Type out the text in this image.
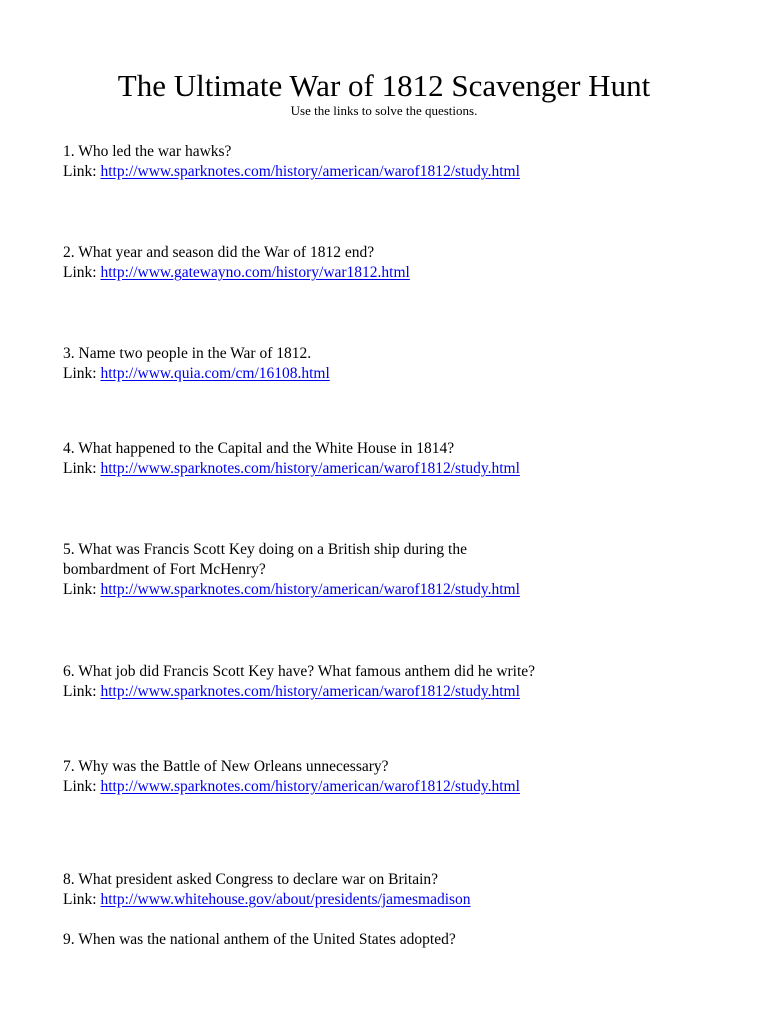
The Ultimate War of 1812 Scavenger Hunt
Use the links to solve the questions.
1. Who led the war hawks?
Link: http://www.sparknotes.com/history/american/warof1812/study.html
2. What year and season did the War of 1812 end?
Link: http://www.gatewayno.com/history/war1812.html
3. Name two people in the War of 1812.
Link: http://www.quia.com/cm/16108.html
4. What happened to the Capital and the White House in 1814?
Link: http://www.sparknotes.com/history/american/warof1812/study.html
5. What was Francis Scott Key doing on a British ship during the
bombardment of Fort McHenry?
Link: http://www.sparknotes.com/history/american/warof1812/study.html
6. What job did Francis Scott Key have? What famous anthem did he write?
Link: http://www.sparknotes.com/history/american/warof1812/study.html
7. Why was the Battle of New Orleans unnecessary?
Link: http://www.sparknotes.com/history/american/warof1812/study.html
8. What president asked Congress to declare war on Britain?
Link: http://www.whitehouse.gov/about/presidents/jamesmadison
9. When was the national anthem of the United States adopted?
